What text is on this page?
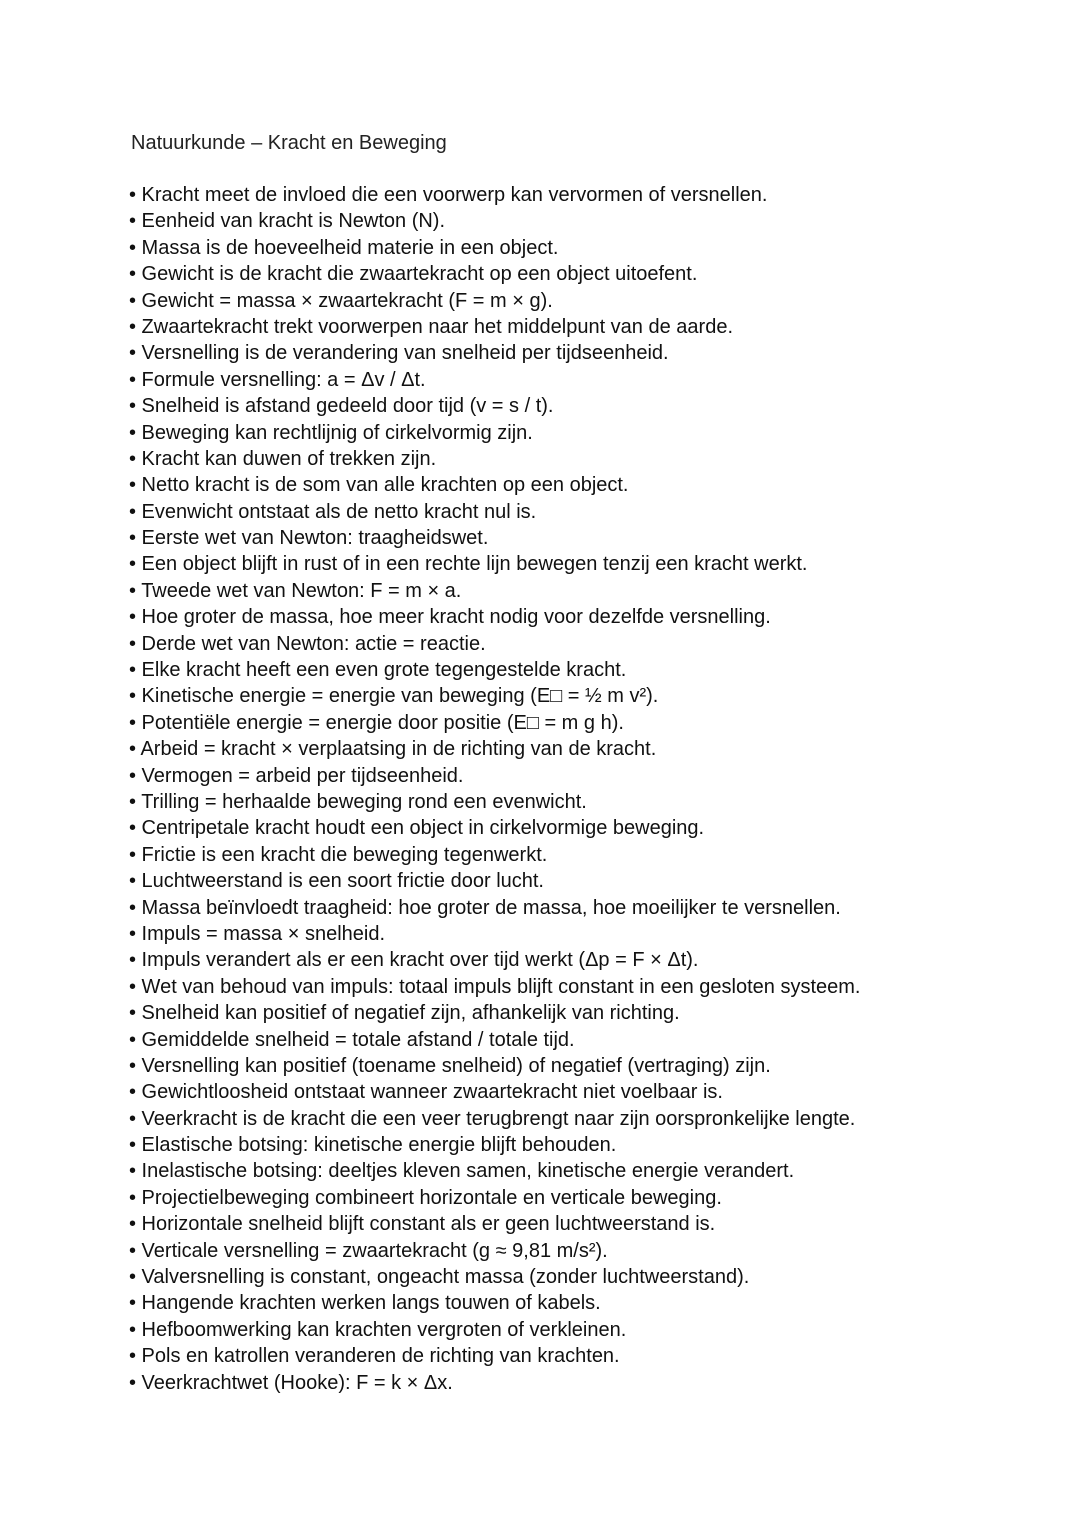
Natuurkunde – Kracht en Beweging
• Kracht meet de invloed die een voorwerp kan vervormen of versnellen.
• Eenheid van kracht is Newton (N).
• Massa is de hoeveelheid materie in een object.
• Gewicht is de kracht die zwaartekracht op een object uitoefent.
• Gewicht = massa × zwaartekracht (F = m × g).
• Zwaartekracht trekt voorwerpen naar het middelpunt van de aarde.
• Versnelling is de verandering van snelheid per tijdseenheid.
• Formule versnelling: a = Δv / Δt.
• Snelheid is afstand gedeeld door tijd (v = s / t).
• Beweging kan rechtlijnig of cirkelvormig zijn.
• Kracht kan duwen of trekken zijn.
• Netto kracht is de som van alle krachten op een object.
• Evenwicht ontstaat als de netto kracht nul is.
• Eerste wet van Newton: traagheidswet.
• Een object blijft in rust of in een rechte lijn bewegen tenzij een kracht werkt.
• Tweede wet van Newton: F = m × a.
• Hoe groter de massa, hoe meer kracht nodig voor dezelfde versnelling.
• Derde wet van Newton: actie = reactie.
• Elke kracht heeft een even grote tegengestelde kracht.
• Kinetische energie = energie van beweging (E□ = ½ m v²).
• Potentiële energie = energie door positie (E□ = m g h).
• Arbeid = kracht × verplaatsing in de richting van de kracht.
• Vermogen = arbeid per tijdseenheid.
• Trilling = herhaalde beweging rond een evenwicht.
• Centripetale kracht houdt een object in cirkelvormige beweging.
• Frictie is een kracht die beweging tegenwerkt.
• Luchtweerstand is een soort frictie door lucht.
• Massa beïnvloedt traagheid: hoe groter de massa, hoe moeilijker te versnellen.
• Impuls = massa × snelheid.
• Impuls verandert als er een kracht over tijd werkt (Δp = F × Δt).
• Wet van behoud van impuls: totaal impuls blijft constant in een gesloten systeem.
• Snelheid kan positief of negatief zijn, afhankelijk van richting.
• Gemiddelde snelheid = totale afstand / totale tijd.
• Versnelling kan positief (toename snelheid) of negatief (vertraging) zijn.
• Gewichtloosheid ontstaat wanneer zwaartekracht niet voelbaar is.
• Veerkracht is de kracht die een veer terugbrengt naar zijn oorspronkelijke lengte.
• Elastische botsing: kinetische energie blijft behouden.
• Inelastische botsing: deeltjes kleven samen, kinetische energie verandert.
• Projectielbeweging combineert horizontale en verticale beweging.
• Horizontale snelheid blijft constant als er geen luchtweerstand is.
• Verticale versnelling = zwaartekracht (g ≈ 9,81 m/s²).
• Valversnelling is constant, ongeacht massa (zonder luchtweerstand).
• Hangende krachten werken langs touwen of kabels.
• Hefboomwerking kan krachten vergroten of verkleinen.
• Pols en katrollen veranderen de richting van krachten.
• Veerkrachtwet (Hooke): F = k × Δx.
